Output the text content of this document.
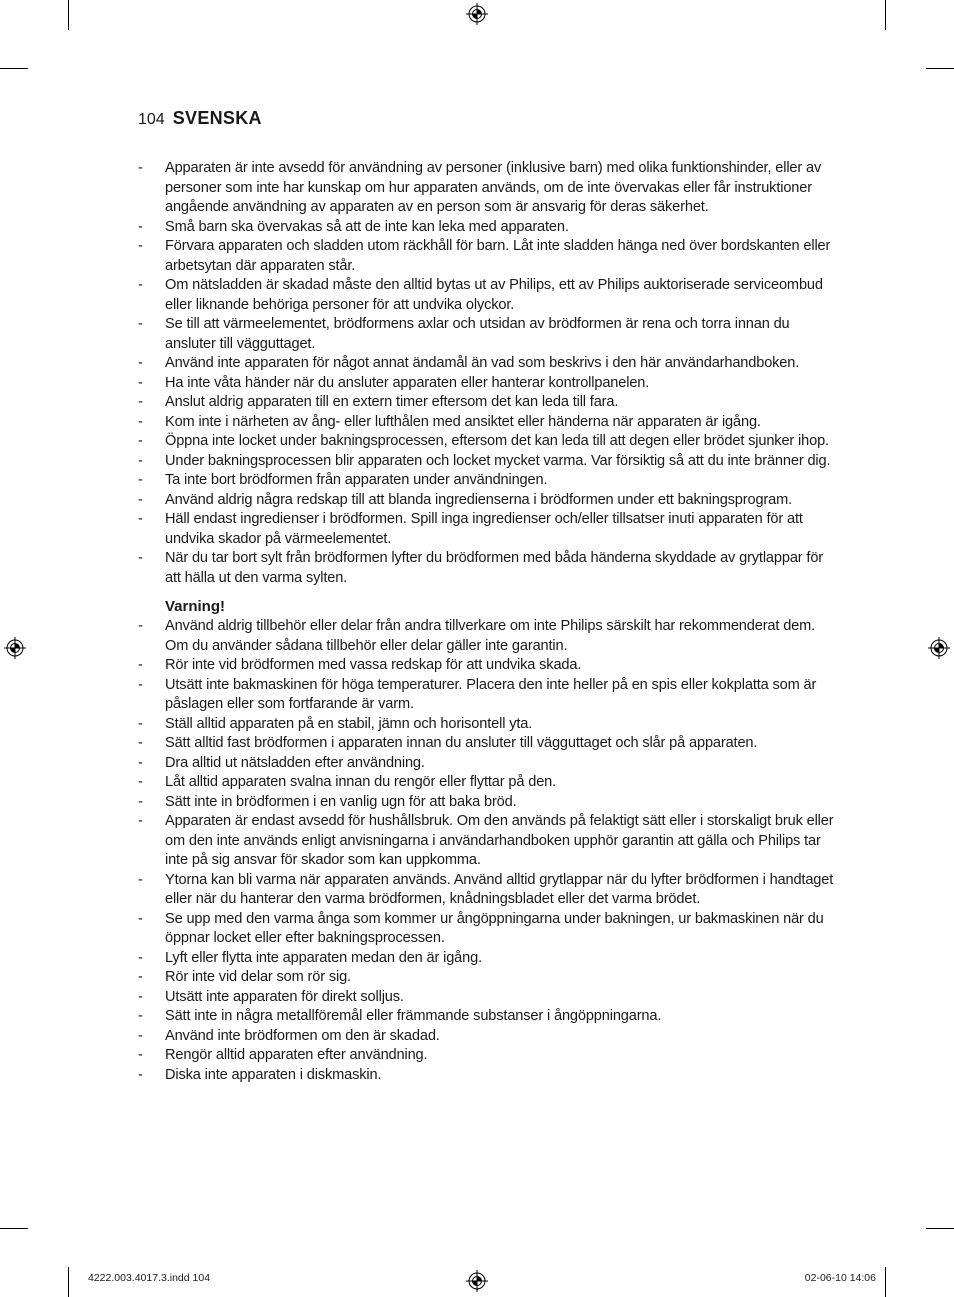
104 SVENSKA
- Apparaten är inte avsedd för användning av personer (inklusive barn) med olika funktionshinder, eller av personer som inte har kunskap om hur apparaten används, om de inte övervakas eller får instruktioner angående användning av apparaten av en person som är ansvarig för deras säkerhet.
- Små barn ska övervakas så att de inte kan leka med apparaten.
- Förvara apparaten och sladden utom räckhåll för barn. Låt inte sladden hänga ned över bordskanten eller arbetsytan där apparaten står.
- Om nätsladden är skadad måste den alltid bytas ut av Philips, ett av Philips auktoriserade serviceombud eller liknande behöriga personer för att undvika olyckor.
- Se till att värmeelementet, brödformens axlar och utsidan av brödformen är rena och torra innan du ansluter till vägguttaget.
- Använd inte apparaten för något annat ändamål än vad som beskrivs i den här användarhandboken.
- Ha inte våta händer när du ansluter apparaten eller hanterar kontrollpanelen.
- Anslut aldrig apparaten till en extern timer eftersom det kan leda till fara.
- Kom inte i närheten av ång- eller lufthålen med ansiktet eller händerna när apparaten är igång.
- Öppna inte locket under bakningsprocessen, eftersom det kan leda till att degen eller brödet sjunker ihop.
- Under bakningsprocessen blir apparaten och locket mycket varma. Var försiktig så att du inte bränner dig.
- Ta inte bort brödformen från apparaten under användningen.
- Använd aldrig några redskap till att blanda ingredienserna i brödformen under ett bakningsprogram.
- Häll endast ingredienser i brödformen. Spill inga ingredienser och/eller tillsatser inuti apparaten för att undvika skador på värmeelementet.
- När du tar bort sylt från brödformen lyfter du brödformen med båda händerna skyddade av grytlappar för att hälla ut den varma sylten.

Varning!

- Använd aldrig tillbehör eller delar från andra tillverkare om inte Philips särskilt har rekommenderat dem. Om du använder sådana tillbehör eller delar gäller inte garantin.
- Rör inte vid brödformen med vassa redskap för att undvika skada.
- Utsätt inte bakmaskinen för höga temperaturer. Placera den inte heller på en spis eller kokplatta som är påslagen eller som fortfarande är varm.
- Ställ alltid apparaten på en stabil, jämn och horisontell yta.
- Sätt alltid fast brödformen i apparaten innan du ansluter till vägguttaget och slår på apparaten.
- Dra alltid ut nätsladden efter användning.
- Låt alltid apparaten svalna innan du rengör eller flyttar på den.
- Sätt inte in brödformen i en vanlig ugn för att baka bröd.
- Apparaten är endast avsedd för hushållsbruk. Om den används på felaktigt sätt eller i storskaligt bruk eller om den inte används enligt anvisningarna i användarhandboken upphör garantin att gälla och Philips tar inte på sig ansvar för skador som kan uppkomma.
- Ytorna kan bli varma när apparaten används. Använd alltid grytlappar när du lyfter brödformen i handtaget eller när du hanterar den varma brödformen, knådningsbladet eller det varma brödet.
- Se upp med den varma ånga som kommer ur ångöppningarna under bakningen, ur bakmaskinen när du öppnar locket eller efter bakningsprocessen.
- Lyft eller flytta inte apparaten medan den är igång.
- Rör inte vid delar som rör sig.
- Utsätt inte apparaten för direkt solljus.
- Sätt inte in några metallföremål eller främmande substanser i ångöppningarna.
- Använd inte brödformen om den är skadad.
- Rengör alltid apparaten efter användning.
- Diska inte apparaten i diskmaskin.
4222.003.4017.3.indd 104	02-06-10 14:06
